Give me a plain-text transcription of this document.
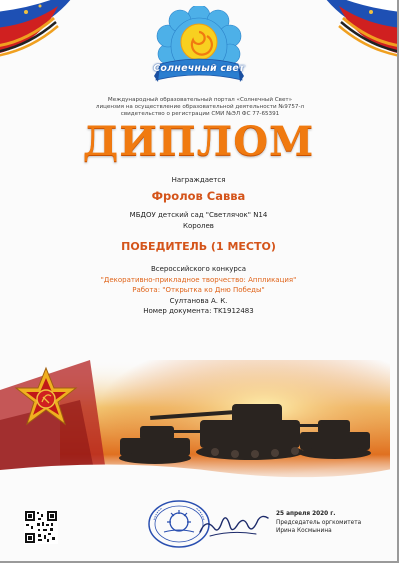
Солнечный свет
Международный образовательный портал «Солнечный Свет»
лицензия на осуществление образовательной деятельности №9757-л
свидетельство о регистрации СМИ №ЭЛ ФС 77-65391
ДИПЛОМ
Награждается
Фролов Савва
МБДОУ детский сад "Светлячок" N14
Королев
ПОБЕДИТЕЛЬ (1 МЕСТО)
Всероссийского конкурса
"Декоративно-прикладное творчество: Аппликация"
Работа: "Открытка ко Дню Победы"
Султанова А. К.
Номер документа: TK1912483
25 апреля 2020 г.
Председатель оргкомитета
Ирина Космынина
